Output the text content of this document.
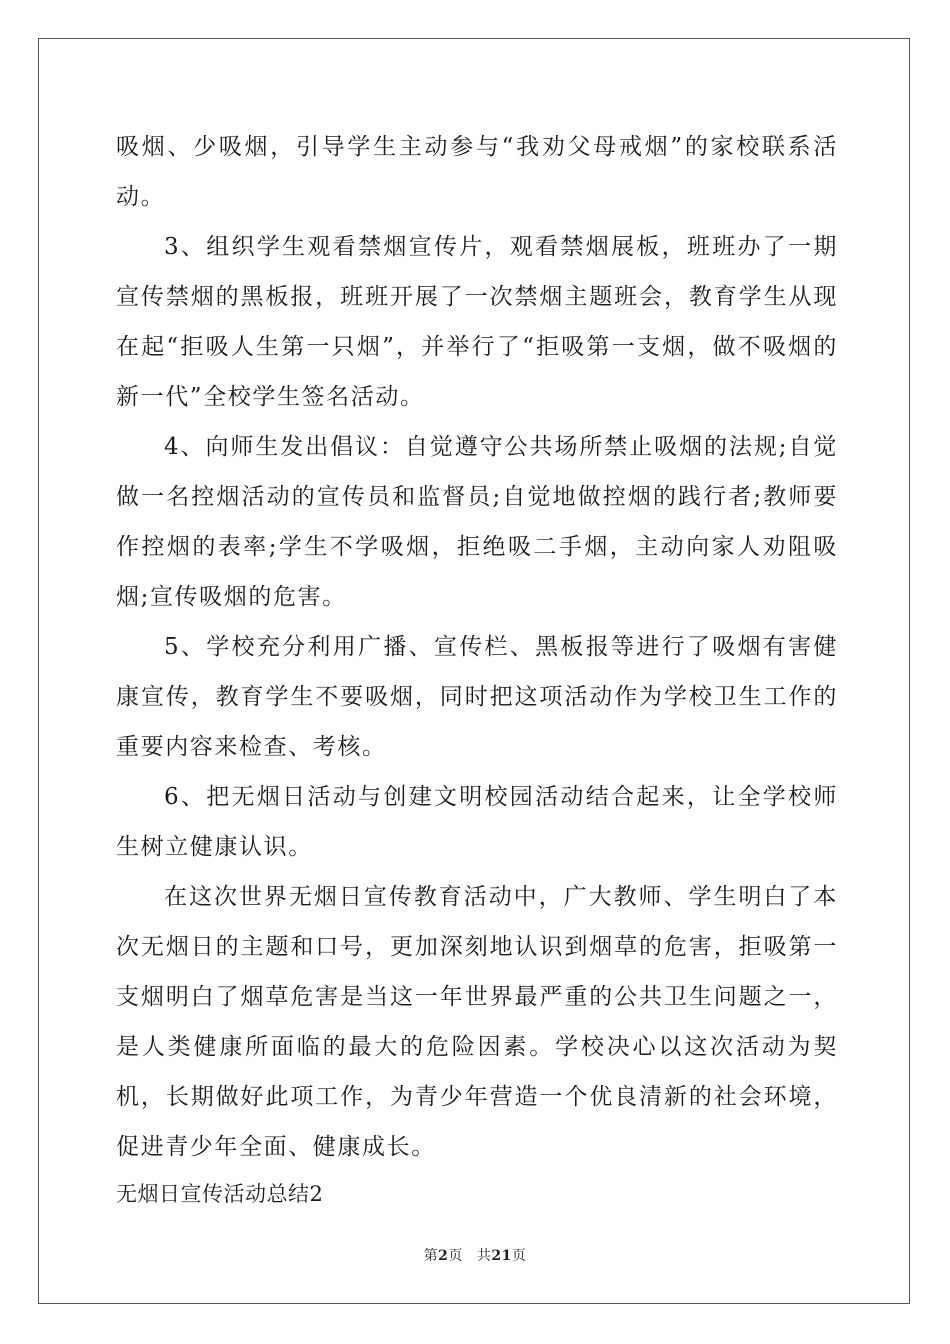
吸烟、少吸烟，引导学生主动参与“我劝父母戒烟”的家校联系活动。

3、组织学生观看禁烟宣传片，观看禁烟展板，班班办了一期宣传禁烟的黑板报，班班开展了一次禁烟主题班会，教育学生从现在起“拒吸人生第一只烟”，并举行了“拒吸第一支烟，做不吸烟的新一代”全校学生签名活动。

4、向师生发出倡议：自觉遵守公共场所禁止吸烟的法规;自觉做一名控烟活动的宣传员和监督员;自觉地做控烟的践行者;教师要作控烟的表率;学生不学吸烟，拒绝吸二手烟，主动向家人劝阻吸烟;宣传吸烟的危害。

5、学校充分利用广播、宣传栏、黑板报等进行了吸烟有害健康宣传，教育学生不要吸烟，同时把这项活动作为学校卫生工作的重要内容来检查、考核。

6、把无烟日活动与创建文明校园活动结合起来，让全学校师生树立健康认识。

在这次世界无烟日宣传教育活动中，广大教师、学生明白了本次无烟日的主题和口号，更加深刻地认识到烟草的危害，拒吸第一支烟明白了烟草危害是当这一年世界最严重的公共卫生问题之一，是人类健康所面临的最大的危险因素。学校决心以这次活动为契机，长期做好此项工作，为青少年营造一个优良清新的社会环境，促进青少年全面、健康成长。

无烟日宣传活动总结2

第2页 共21页
